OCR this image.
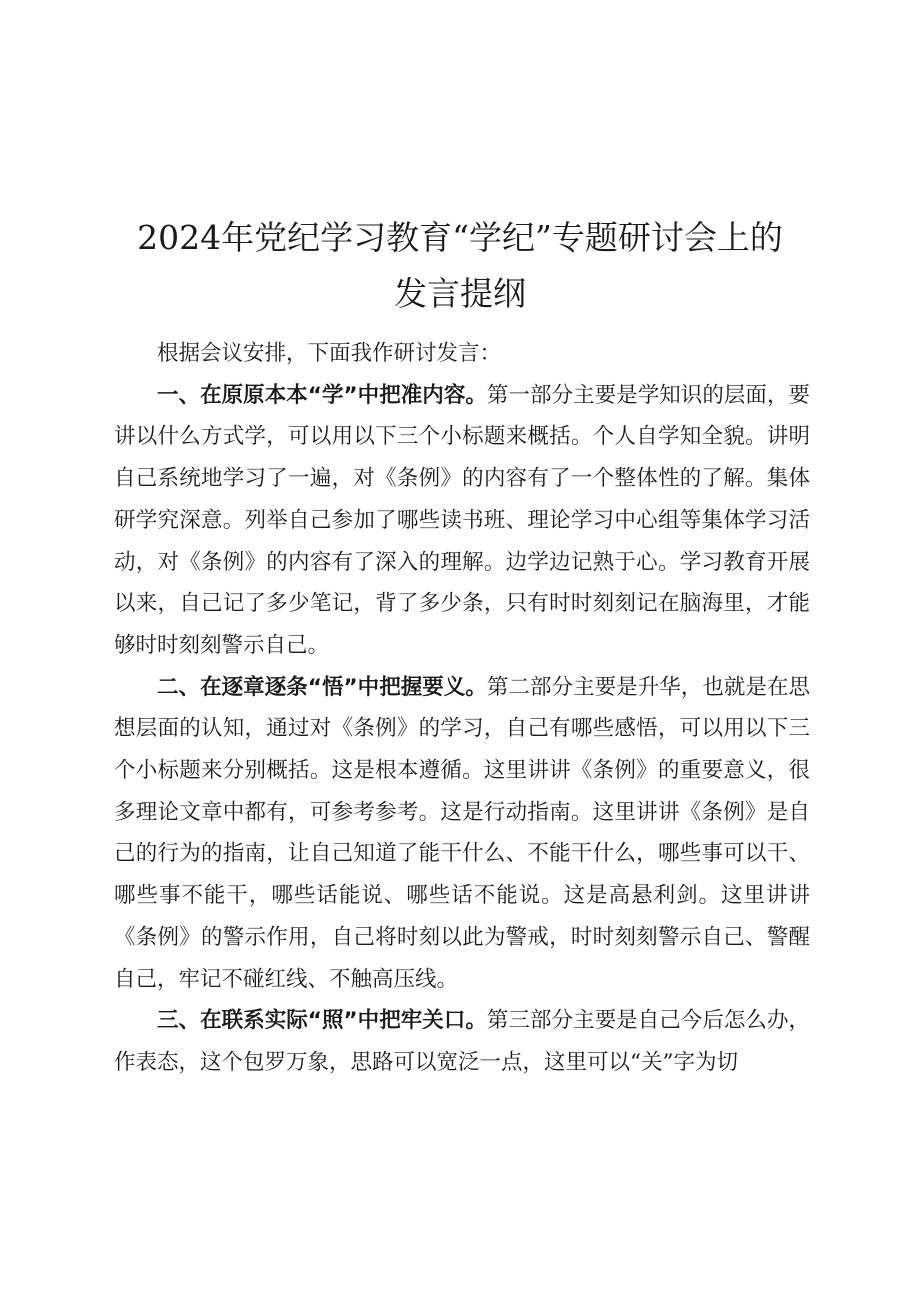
2024年党纪学习教育“学纪”专题研讨会上的
发言提纲

根据会议安排，下面我作研讨发言：

一、在原原本本“学”中把准内容。第一部分主要是学知识的层面，要讲以什么方式学，可以用以下三个小标题来概括。个人自学知全貌。讲明自己系统地学习了一遍，对《条例》的内容有了一个整体性的了解。集体研学究深意。列举自己参加了哪些读书班、理论学习中心组等集体学习活动，对《条例》的内容有了深入的理解。边学边记熟于心。学习教育开展以来，自己记了多少笔记，背了多少条，只有时时刻刻记在脑海里，才能够时时刻刻警示自己。

二、在逐章逐条“悟”中把握要义。第二部分主要是升华，也就是在思想层面的认知，通过对《条例》的学习，自己有哪些感悟，可以用以下三个小标题来分别概括。这是根本遵循。这里讲讲《条例》的重要意义，很多理论文章中都有，可参考参考。这是行动指南。这里讲讲《条例》是自己的行为的指南，让自己知道了能干什么、不能干什么，哪些事可以干、哪些事不能干，哪些话能说、哪些话不能说。这是高悬利剑。这里讲讲《条例》的警示作用，自己将时刻以此为警戒，时时刻刻警示自己、警醒自己，牢记不碰红线、不触高压线。

三、在联系实际“照”中把牢关口。第三部分主要是自己今后怎么办，作表态，这个包罗万象，思路可以宽泛一点，这里可以“关”字为切
